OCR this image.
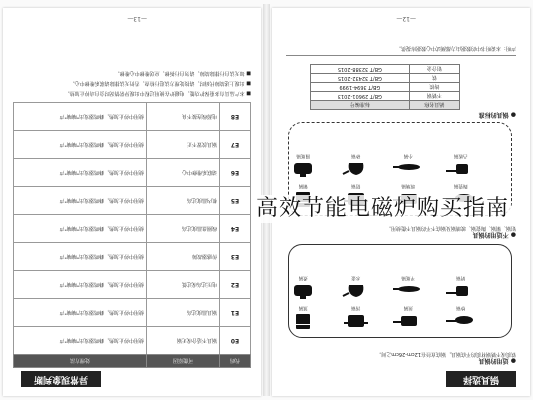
异常现象判断
代码	可能原因	处理方法
E0	锅具不适合或无锅	使用中停止加热，蜂鸣器发出"嘀嘀"声
E1	锅具温度过高	使用中停止加热，蜂鸣器发出"嘀嘀"声
E2	电压过高或过低	使用中停止加热，蜂鸣器发出"嘀嘀"声
E3	传感器故障	使用中停止加热，蜂鸣器发出"嘀嘀"声
E4	线圈盘温度过高	使用中停止加热，蜂鸣器发出"嘀嘀"声
E5	机内温度过高	使用中停止加热，蜂鸣器发出"嘀嘀"声
E6	请联系维修中心	使用中停止加热，蜂鸣器发出"嘀嘀"声
E7	锅具放置不正	使用中停止加热，蜂鸣器发出"嘀嘀"声
E8	电源线连接不良	使用中停止加热，蜂鸣器发出"嘀嘀"声
■ 本产品具有多重保护功能，电磁炉在使用过程中出现异常情况时会自动停止加热。
■ 出现上述故障代码时，请按处理方法进行检查，若仍无法排除请联系维修中心。
■ 如无法自行排除故障，请勿自行拆修，应送维修中心维修。
—13—
锅具选择
● 适用的锅具
铁质或不锈钢材质的平底锅具，锅底直径在12cm-26cm之间。
炒锅
煎锅
汤锅
蒸锅
奶锅
平底锅
水壶
煮锅
● 不适用的锅具
铝锅、铜锅、陶瓷锅、玻璃锅及锅底不平的锅具不能使用。
陶瓷锅
玻璃锅
铝锅
铜锅
凸底锅
小锅
砂锅
圆底锅
● 锅具的标准
锅具名称	标准编号
不锈钢	GB/T 29601-2013
铸铁	GB/T 3694-1999
铁	GB/T 32432-2015
铝合金	GB/T 32388-2015
声明：本说明书中的数据由力都测试中心数据库提供。
—12—
高效节能电磁炉购买指南
